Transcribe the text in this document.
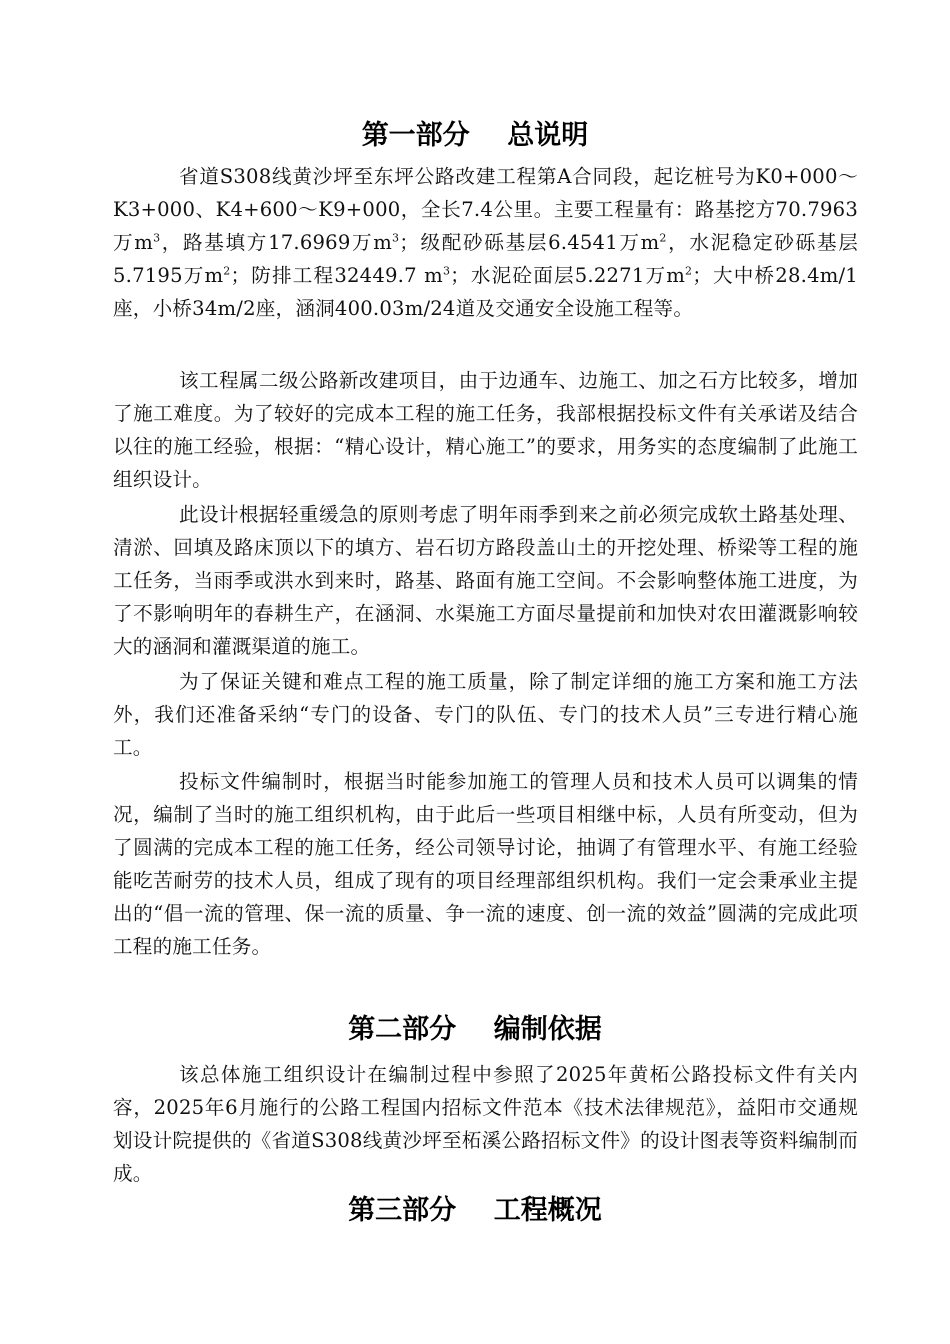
第一部分    总说明

省道S308线黄沙坪至东坪公路改建工程第A合同段，起讫桩号为K0+000～K3+000、K4+600～K9+000，全长7.4公里。主要工程量有：路基挖方70.7963万$m^3$，路基填方17.6969万$m^3$；级配砂砾基层6.4541万$m^2$，水泥稳定砂砾基层5.7195万$m^2$；防排工程32449.7 $m^3$；水泥砼面层5.2271万$m^2$；大中桥28.4m/1座，小桥34m/2座，涵洞400.03m/24道及交通安全设施工程等。

该工程属二级公路新改建项目，由于边通车、边施工、加之石方比较多，增加了施工难度。为了较好的完成本工程的施工任务，我部根据投标文件有关承诺及结合以往的施工经验，根据：“精心设计，精心施工”的要求，用务实的态度编制了此施工组织设计。

此设计根据轻重缓急的原则考虑了明年雨季到来之前必须完成软土路基处理、清淤、回填及路床顶以下的填方、岩石切方路段盖山土的开挖处理、桥梁等工程的施工任务，当雨季或洪水到来时，路基、路面有施工空间。不会影响整体施工进度，为了不影响明年的春耕生产，在涵洞、水渠施工方面尽量提前和加快对农田灌溉影响较大的涵洞和灌溉渠道的施工。

为了保证关键和难点工程的施工质量，除了制定详细的施工方案和施工方法外，我们还准备采纳“专门的设备、专门的队伍、专门的技术人员”三专进行精心施工。

投标文件编制时，根据当时能参加施工的管理人员和技术人员可以调集的情况，编制了当时的施工组织机构，由于此后一些项目相继中标，人员有所变动，但为了圆满的完成本工程的施工任务，经公司领导讨论，抽调了有管理水平、有施工经验能吃苦耐劳的技术人员，组成了现有的项目经理部组织机构。我们一定会秉承业主提出的“倡一流的管理、保一流的质量、争一流的速度、创一流的效益”圆满的完成此项工程的施工任务。

第二部分    编制依据

该总体施工组织设计在编制过程中参照了2025年黄柘公路投标文件有关内容，2025年6月施行的公路工程国内招标文件范本《技术法律规范》，益阳市交通规划设计院提供的《省道S308线黄沙坪至柘溪公路招标文件》的设计图表等资料编制而成。

第三部分    工程概况
